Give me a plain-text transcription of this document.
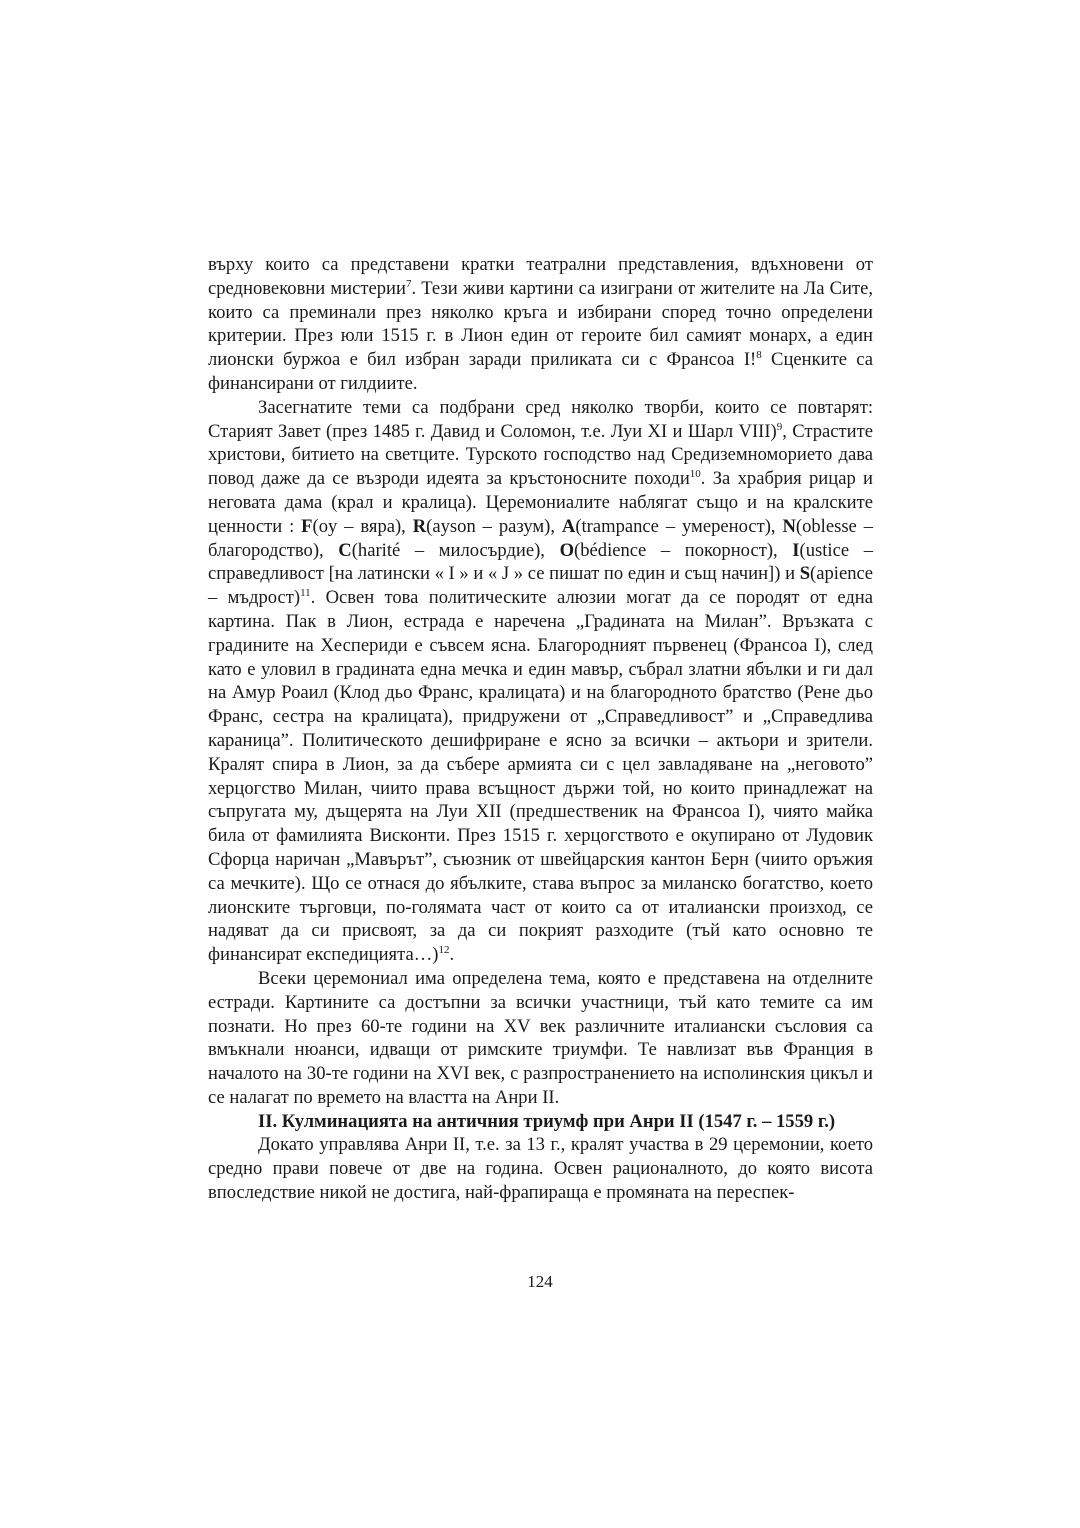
върху които са представени кратки театрални представления, вдъхновени от средновековни мистерии$^7$. Тези живи картини са изиграни от жителите на Ла Сите, които са преминали през няколко кръга и избирани според точно определени критерии. През юли 1515 г. в Лион един от героите бил самият монарх, а един лионски буржоа е бил избран заради приликата си с Франсоа I!$^8$ Сценките са финансирани от гилдиите.

Засегнатите теми са подбрани сред няколко творби, които се повтарят: Старият Завет (през 1485 г. Давид и Соломон, т.е. Луи XI и Шарл VIII)$^9$, Страстите христови, битието на светците. Турското господство над Средиземноморието дава повод даже да се възроди идеята за кръстоносните походи$^{10}$. За храбрия рицар и неговата дама (крал и кралица). Церемониалите наблягат също и на кралските ценности : F(oy – вяра), R(ayson – разум), A(trampance – умереност), N(oblesse – благородство), C(harité – милосърдие), O(bédience – покорност), I(ustice – справедливост [на латински « I » и « J » се пишат по един и същ начин]) и S(apience – мъдрост)$^{11}$. Освен това политическите алюзии могат да се породят от една картина. Пак в Лион, естрада е наречена „Градината на Милан”. Връзката с градините на Хеспериди е съвсем ясна. Благородният първенец (Франсоа I), след като е уловил в градината една мечка и един мавър, събрал златни ябълки и ги дал на Амур Роаил (Клод дьо Франс, кралицата) и на благородното братство (Рене дьо Франс, сестра на кралицата), придружени от „Справедливост” и „Справедлива караница”. Политическото дешифриране е ясно за всички – актьори и зрители. Кралят спира в Лион, за да събере армията си с цел завладяване на „неговото” херцогство Милан, чиито права всъщност държи той, но които принадлежат на съпругата му, дъщерята на Луи XII (предшественик на Франсоа I), чиято майка била от фамилията Висконти. През 1515 г. херцогството е окупирано от Лудовик Сфорца наричан „Мавърът”, съюзник от швейцарския кантон Берн (чиито оръжия са мечките). Що се отнася до ябълките, става въпрос за миланско богатство, което лионските търговци, по-голямата част от които са от италиански произход, се надяват да си присвоят, за да си покрият разходите (тъй като основно те финансират експедицията…)$^{12}$.

Всеки церемониал има определена тема, която е представена на отделните естради. Картините са достъпни за всички участници, тъй като темите са им познати. Но през 60-те години на XV век различните италиански съсловия са вмъкнали нюанси, идващи от римските триумфи. Те навлизат във Франция в началото на 30-те години на XVI век, с разпространението на исполинския цикъл и се налагат по времето на властта на Анри II.

II. Кулминацията на античния триумф при Анри II (1547 г. – 1559 г.)

Докато управлява Анри II, т.е. за 13 г., кралят участва в 29 церемонии, което средно прави повече от две на година. Освен рационалното, до която висота впоследствие никой не достига, най-фрапираща е промяната на переспек-

124
